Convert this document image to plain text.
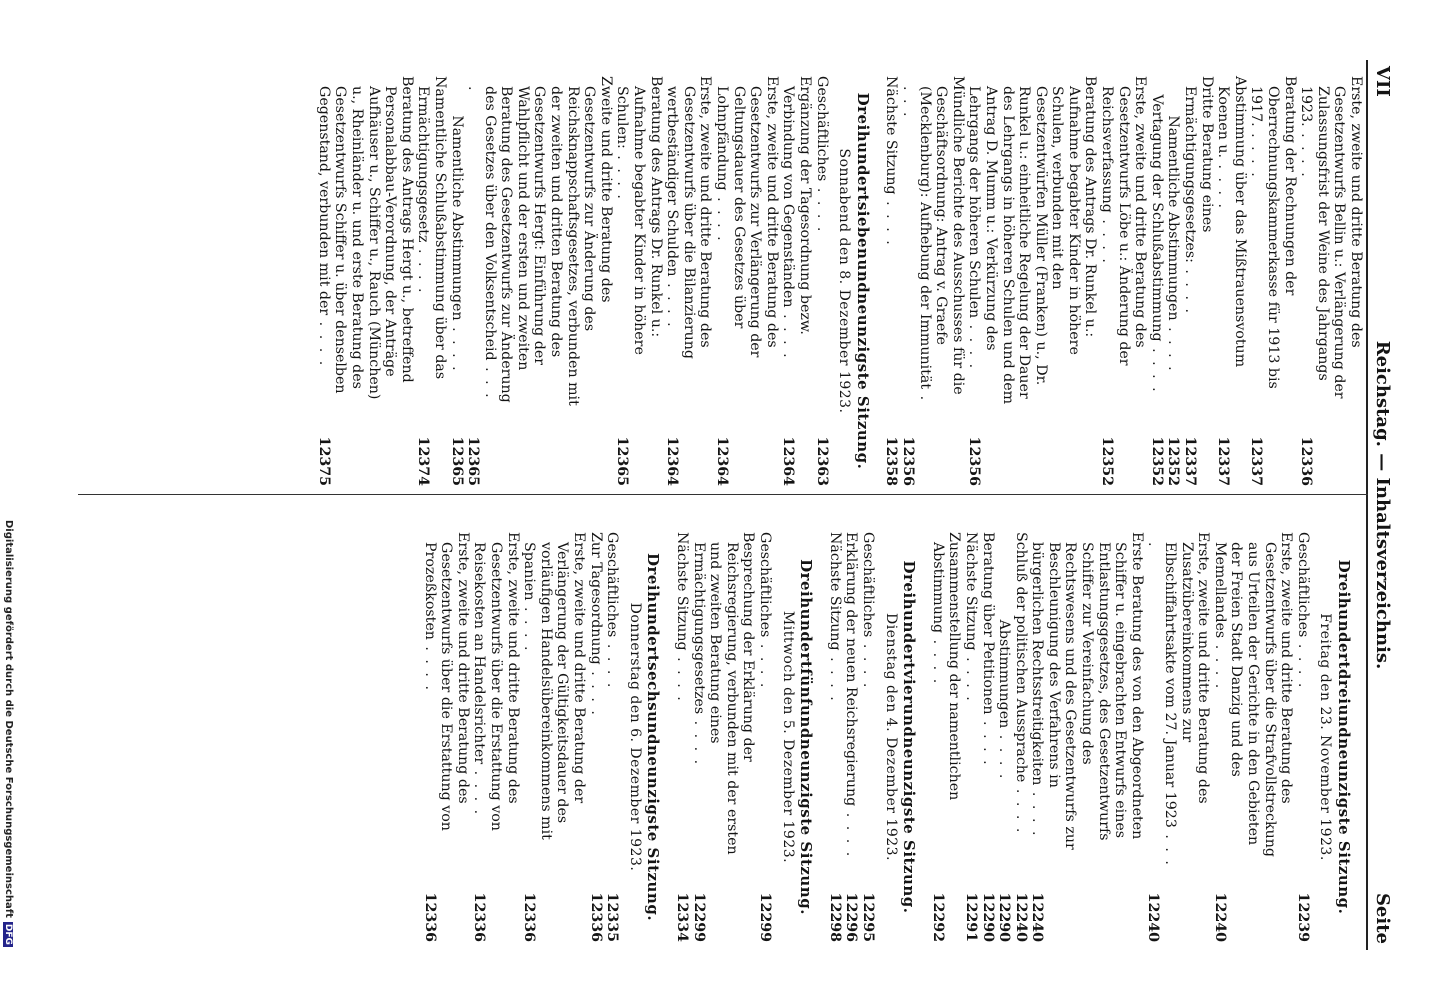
VII
Reichstag. — Inhaltsverzeichnis.
Seite
Erste, zweite und dritte Beratung des Gesetzentwurfs Bellin u.: Verlängerung der Zulassungsfrist der Weine des Jahrgangs 1923. . . . .
12336
Beratung der Rechnungen der Oberrechnungskammerkasse für 1913 bis 1917. . . . .
12337
Abstimmung über das Mißtrauensvotum Koenen u. . . . .
12337
Dritte Beratung eines Ermächtigungsgesetzes: . . . .
12337
Namentliche Abstimmungen . . . .
12352
Vertagung der Schlußabstimmung . . . .
12352
Erste, zweite und dritte Beratung des Gesetzentwurfs Löbe u.: Änderung der Reichsverfassung . . . .
12352
Beratung des Antrags Dr. Runkel u.: Aufnahme begabter Kinder in höhere Schulen, verbunden mit den Gesetzentwürfen Müller (Franken) u., Dr. Runkel u.: einheitliche Regelung der Dauer des Lehrgangs in höheren Schulen und dem Antrag D. Mumm u.: Verkürzung des Lehrgangs der höheren Schulen . . . .
12356
Mündliche Berichte des Ausschusses für die Geschäftsordnung: Antrag v. Graefe (Mecklenburg): Aufhebung der Immunität . . . .
12356
Nächste Sitzung . . . .
12358
Dreihundertsiebenundneunzigste Sitzung.
Sonnabend den 8. Dezember 1923.
Geschäftliches . . . .
12363
Ergänzung der Tagesordnung bezw. Verbindung von Gegenständen . . . .
12364
Erste, zweite und dritte Beratung des Gesetzentwurfs zur Verlängerung der Geltungsdauer des Gesetzes über Lohnpfändung . . . .
12364
Erste, zweite und dritte Beratung des Gesetzentwurfs über die Bilanzierung wertbeständiger Schulden . . . .
12364
Beratung des Antrags Dr. Runkel u.: Aufnahme begabter Kinder in höhere Schulen: . . . .
12365
Zweite und dritte Beratung des Gesetzentwurfs zur Änderung des Reichsknappschaftsgesetzes, verbunden mit der zweiten und dritten Beratung des Gesetzentwurfs Hergt: Einführung der Wahlpflicht und der ersten und zweiten Beratung des Gesetzentwurfs zur Änderung des Gesetzes über den Volksentscheid . . . .
12365
Namentliche Abstimmungen . . . .
12365
Namentliche Schlußabstimmung über das Ermächtigungsgesetz . . . .
12374
Beratung des Antrags Hergt u., betreffend Personalabbau-Verordnung, der Anträge Aufhäuser u., Schiffer u., Rauch (München) u., Rheinländer u. und erste Beratung des Gesetzentwurfs Schiffer u. über denselben Gegenstand, verbunden mit der . . . .
12375
Dreihundertdreiundneunzigste Sitzung.
Freitag den 23. November 1923.
Geschäftliches . . . .
12239
Erste, zweite und dritte Beratung des Gesetzentwurfs über die Strafvollstreckung aus Urteilen der Gerichte in den Gebieten der Freien Stadt Danzig und des Memellandes . . . .
12240
Erste, zweite und dritte Beratung des Zusatzübereinkommens zur Elbschiffahrtsakte vom 27. Januar 1923 . . . .
12240
Erste Beratung des von den Abgeordneten Schiffer u. eingebrachten Entwurfs eines Entlastungsgesetzes, des Gesetzentwurfs Schiffer zur Vereinfachung des Rechtswesens und des Gesetzentwurfs zur Beschleunigung des Verfahrens in bürgerlichen Rechtsstreitigkeiten . . . .
12240
Schluß der politischen Aussprache . . . .
12240
Abstimmungen . . . .
12290
Beratung über Petitionen . . . .
12290
Nächste Sitzung . . . .
12291
Zusammenstellung der namentlichen Abstimmung . . . .
12292
Dreihundertvierundneunzigste Sitzung.
Dienstag den 4. Dezember 1923.
Geschäftliches . . . .
12295
Erklärung der neuen Reichsregierung . . . .
12296
Nächste Sitzung . . . .
12298
Dreihundertfünfundneunzigste Sitzung.
Mittwoch den 5. Dezember 1923.
Geschäftliches . . . .
12299
Besprechung der Erklärung der Reichsregierung, verbunden mit der ersten und zweiten Beratung eines Ermächtigungsgesetzes . . . .
12299
Nächste Sitzung . . . .
12334
Dreihundertsechsundneunzigste Sitzung.
Donnerstag den 6. Dezember 1923.
Geschäftliches . . . .
12335
Zur Tagesordnung . . . .
12336
Erste, zweite und dritte Beratung der Verlängerung der Gültigkeitsdauer des vorläufigen Handelsübereinkommens mit Spanien . . . .
12336
Erste, zweite und dritte Beratung des Gesetzentwurfs über die Erstattung von Reisekosten an Handelsrichter . . . .
12336
Erste, zweite und dritte Beratung des Gesetzentwurfs über die Erstattung von Prozeßkosten . . . .
12336
Digitalisierung gefördert durch die Deutsche ForschungsgemeinschaftDFG
